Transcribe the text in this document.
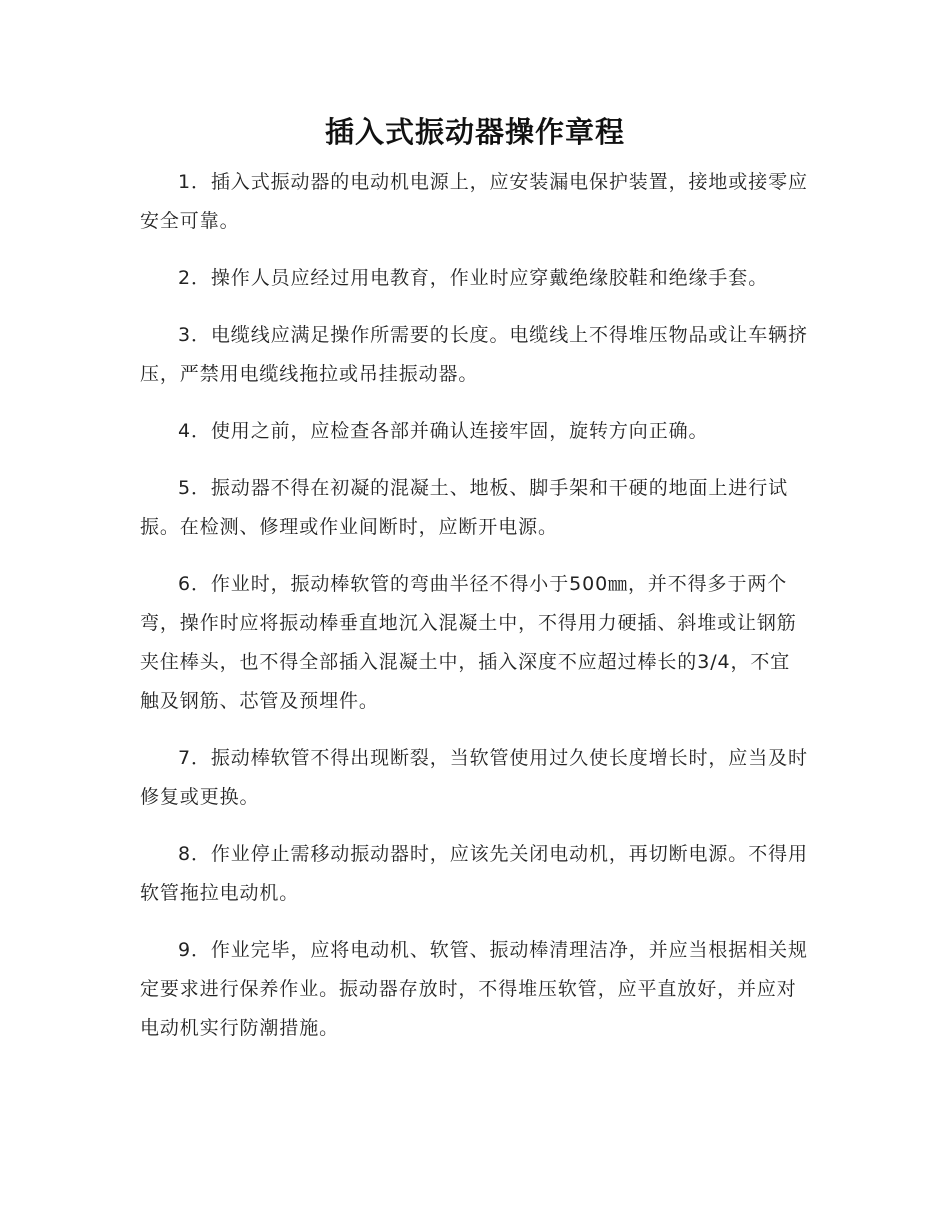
插入式振动器操作章程

1．插入式振动器的电动机电源上，应安装漏电保护装置，接地或接零应安全可靠。

2．操作人员应经过用电教育，作业时应穿戴绝缘胶鞋和绝缘手套。

3．电缆线应满足操作所需要的长度。电缆线上不得堆压物品或让车辆挤压，严禁用电缆线拖拉或吊挂振动器。

4．使用之前，应检查各部并确认连接牢固，旋转方向正确。

5．振动器不得在初凝的混凝土、地板、脚手架和干硬的地面上进行试振。在检测、修理或作业间断时，应断开电源。

6．作业时，振动棒软管的弯曲半径不得小于500㎜，并不得多于两个弯，操作时应将振动棒垂直地沉入混凝土中，不得用力硬插、斜堆或让钢筋夹住棒头，也不得全部插入混凝土中，插入深度不应超过棒长的3/4，不宜触及钢筋、芯管及预埋件。

7．振动棒软管不得出现断裂，当软管使用过久使长度增长时，应当及时修复或更换。

8．作业停止需移动振动器时，应该先关闭电动机，再切断电源。不得用软管拖拉电动机。

9．作业完毕，应将电动机、软管、振动棒清理洁净，并应当根据相关规定要求进行保养作业。振动器存放时，不得堆压软管，应平直放好，并应对电动机实行防潮措施。
